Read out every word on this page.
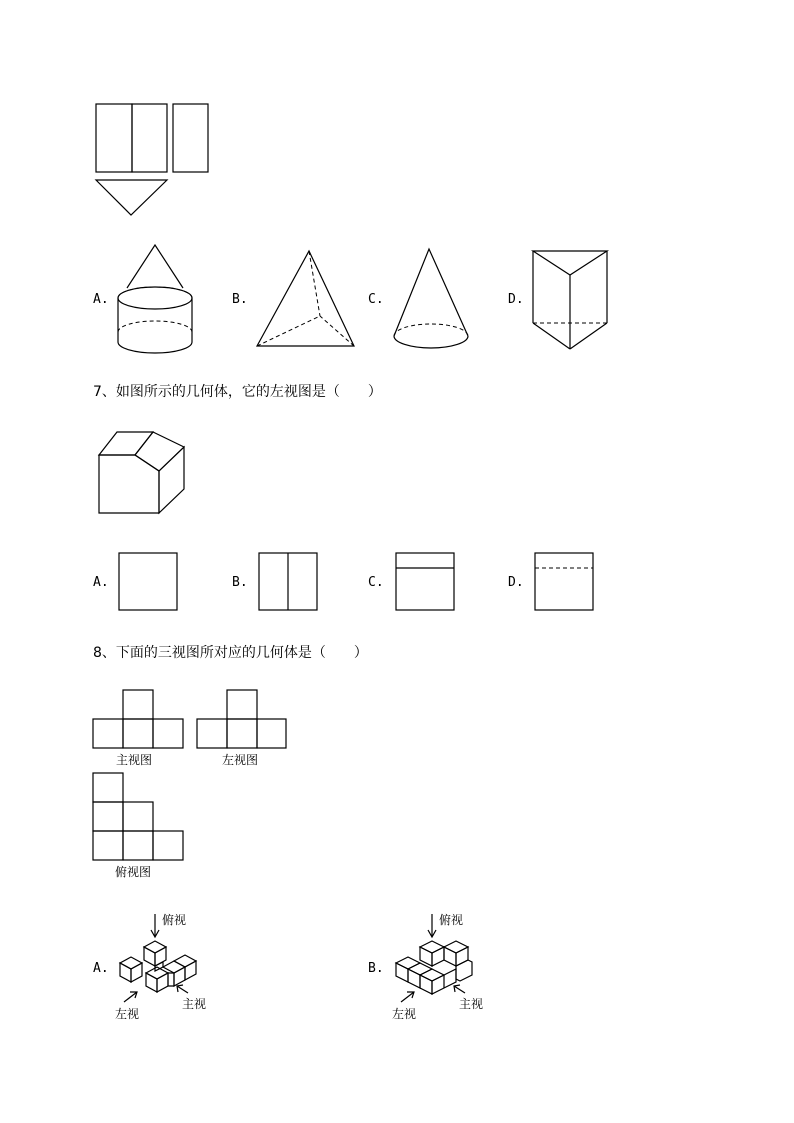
A.	B.	C.	D.
7、如图所示的几何体，它的左视图是（　　）
A.	B.	C.	D.
8、下面的三视图所对应的几何体是（　　）
主视图	左视图
俯视图
A.
俯视
左视
主视
B.
俯视
左视
主视
